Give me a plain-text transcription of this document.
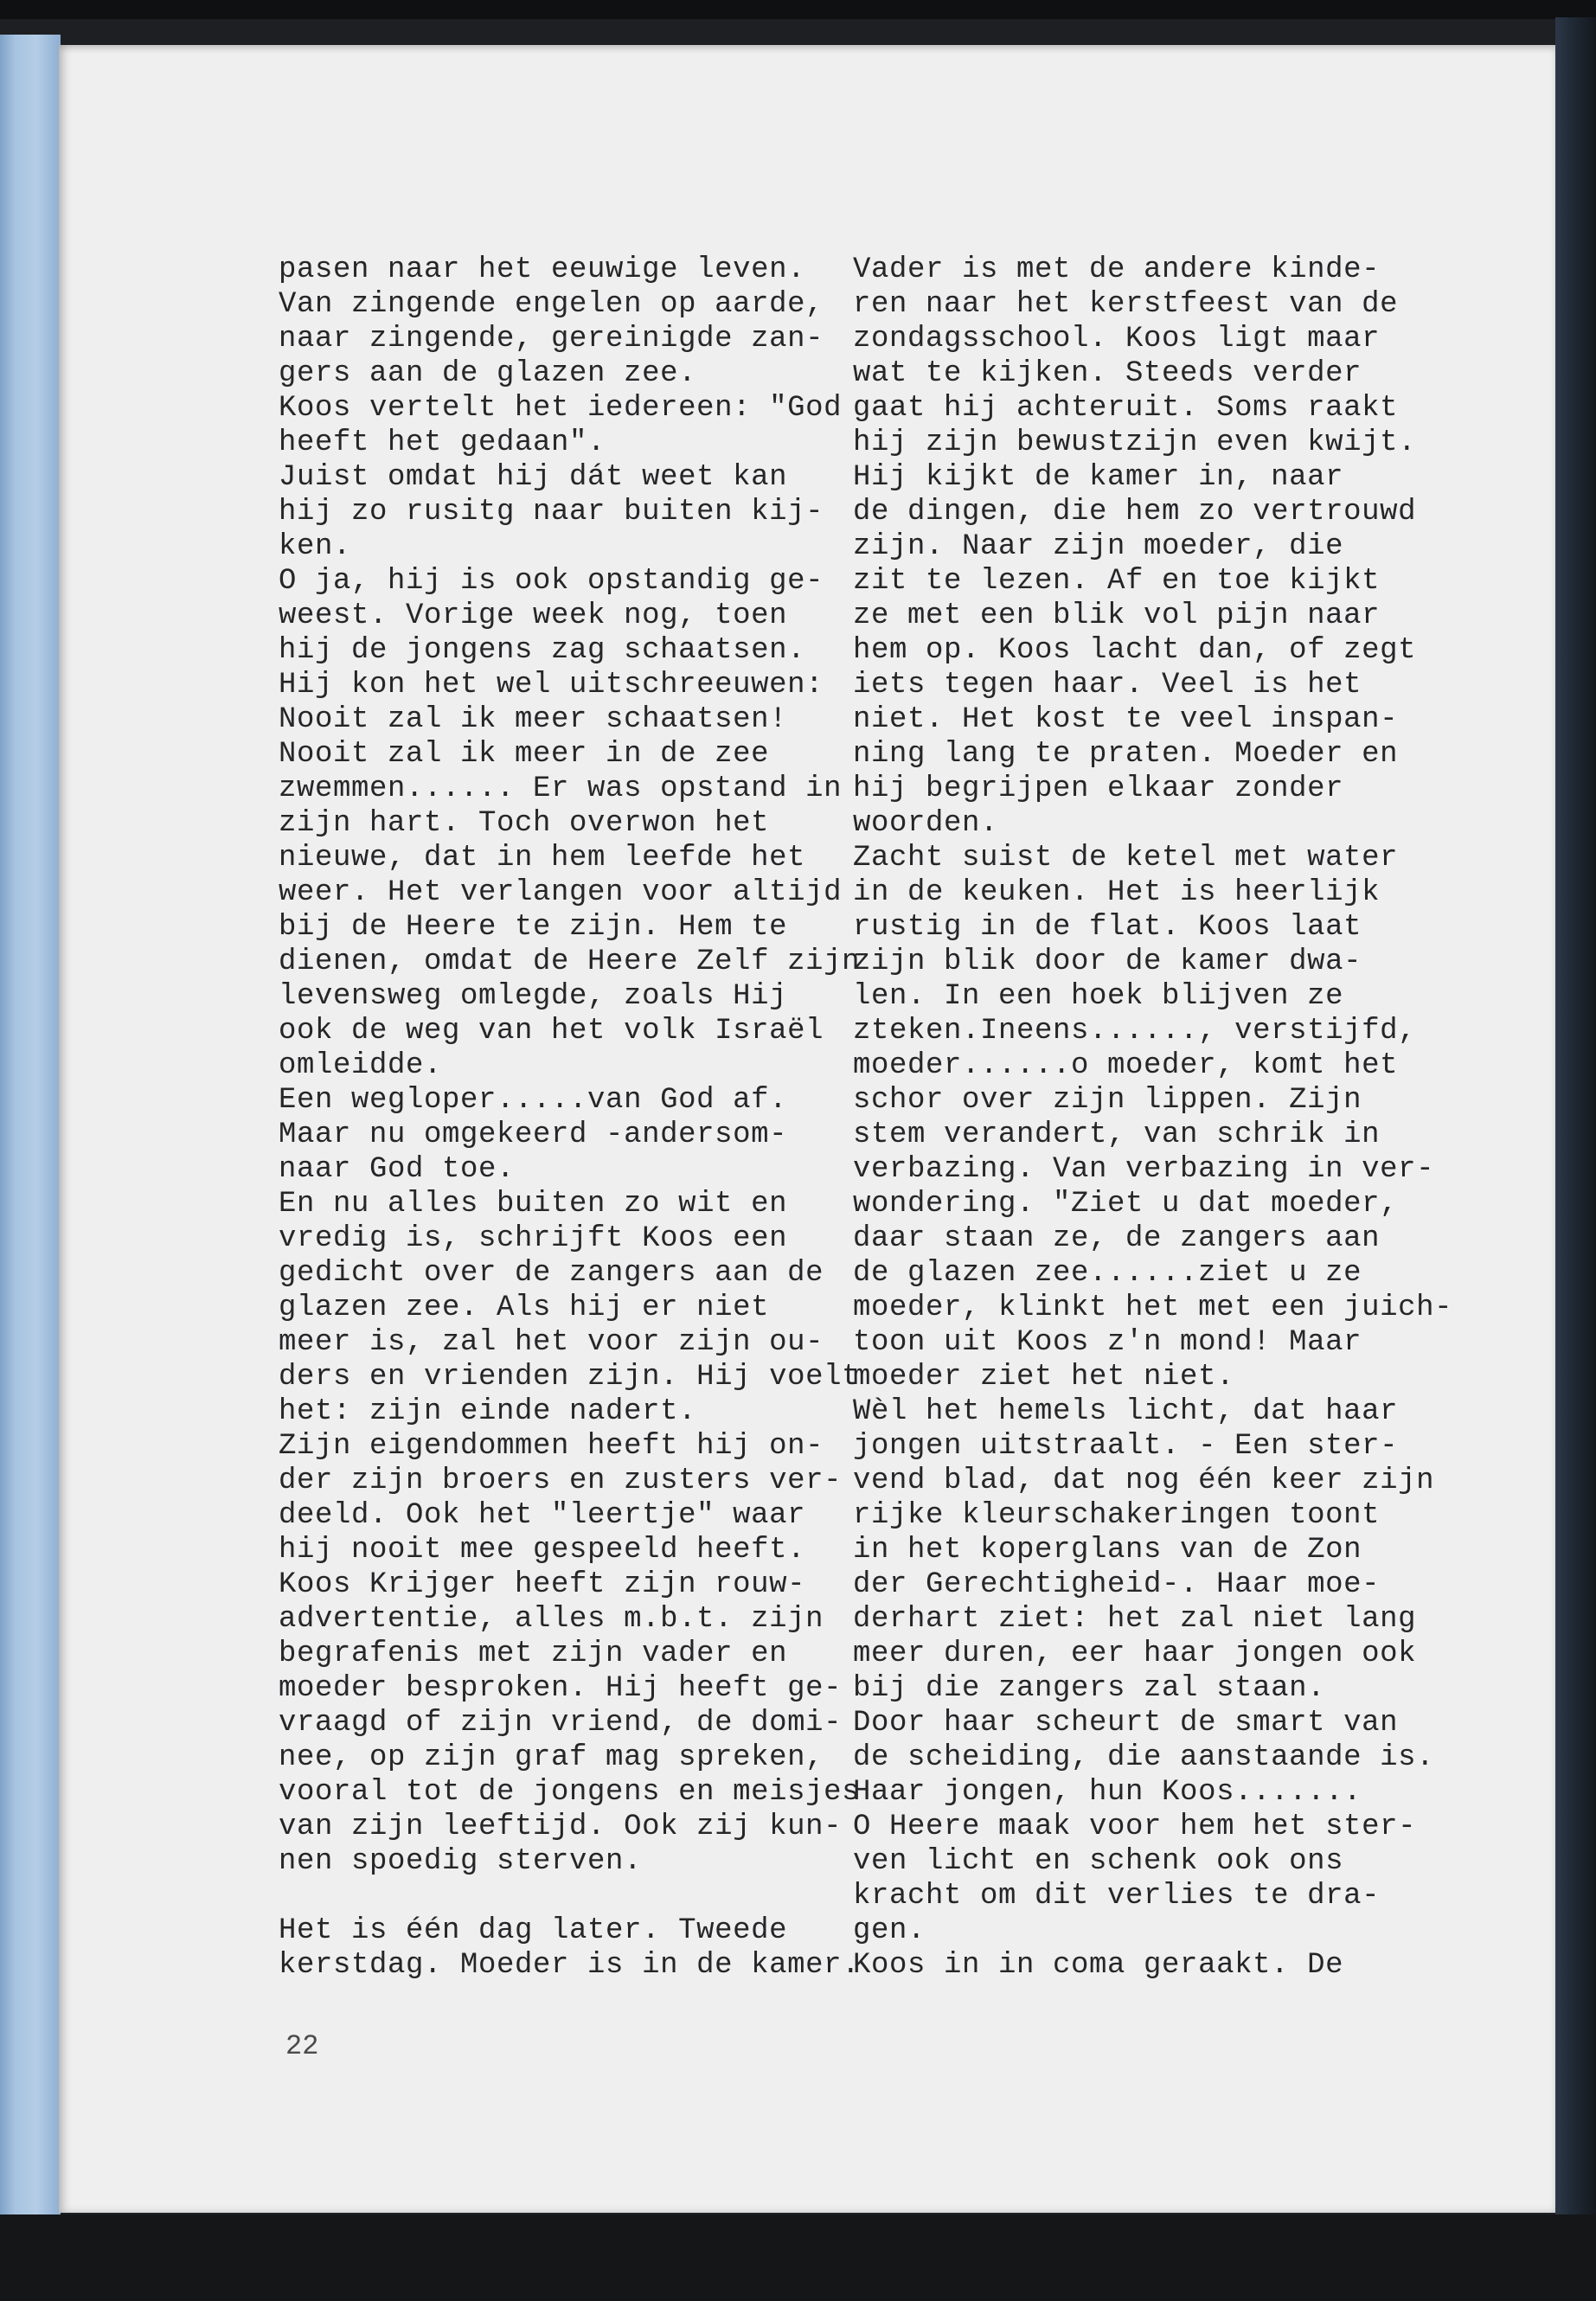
pasen naar het eeuwige leven.
Van zingende engelen op aarde,
naar zingende, gereinigde zan-
gers aan de glazen zee.
Koos vertelt het iedereen: "God
heeft het gedaan".
Juist omdat hij dát weet kan
hij zo rusitg naar buiten kij-
ken.
O ja, hij is ook opstandig ge-
weest. Vorige week nog, toen
hij de jongens zag schaatsen.
Hij kon het wel uitschreeuwen:
Nooit zal ik meer schaatsen!
Nooit zal ik meer in de zee
zwemmen...... Er was opstand in
zijn hart. Toch overwon het
nieuwe, dat in hem leefde het
weer. Het verlangen voor altijd
bij de Heere te zijn. Hem te
dienen, omdat de Heere Zelf zijn
levensweg omlegde, zoals Hij
ook de weg van het volk Israël
omleidde.
Een wegloper.....van God af.
Maar nu omgekeerd -andersom-
naar God toe.
En nu alles buiten zo wit en
vredig is, schrijft Koos een
gedicht over de zangers aan de
glazen zee. Als hij er niet
meer is, zal het voor zijn ou-
ders en vrienden zijn. Hij voelt
het: zijn einde nadert.
Zijn eigendommen heeft hij on-
der zijn broers en zusters ver-
deeld. Ook het "leertje" waar
hij nooit mee gespeeld heeft.
Koos Krijger heeft zijn rouw-
advertentie, alles m.b.t. zijn
begrafenis met zijn vader en
moeder besproken. Hij heeft ge-
vraagd of zijn vriend, de domi-
nee, op zijn graf mag spreken,
vooral tot de jongens en meisjes
van zijn leeftijd. Ook zij kun-
nen spoedig sterven.
Het is één dag later. Tweede
kerstdag. Moeder is in de kamer.
Vader is met de andere kinde-
ren naar het kerstfeest van de
zondagsschool. Koos ligt maar
wat te kijken. Steeds verder
gaat hij achteruit. Soms raakt
hij zijn bewustzijn even kwijt.
Hij kijkt de kamer in, naar
de dingen, die hem zo vertrouwd
zijn. Naar zijn moeder, die
zit te lezen. Af en toe kijkt
ze met een blik vol pijn naar
hem op. Koos lacht dan, of zegt
iets tegen haar. Veel is het
niet. Het kost te veel inspan-
ning lang te praten. Moeder en
hij begrijpen elkaar zonder
woorden.
Zacht suist de ketel met water
in de keuken. Het is heerlijk
rustig in de flat. Koos laat
zijn blik door de kamer dwa-
len. In een hoek blijven ze
zteken.Ineens......, verstijfd,
moeder......o moeder, komt het
schor over zijn lippen. Zijn
stem verandert, van schrik in
verbazing. Van verbazing in ver-
wondering. "Ziet u dat moeder,
daar staan ze, de zangers aan
de glazen zee......ziet u ze
moeder, klinkt het met een juich-
toon uit Koos z'n mond! Maar
moeder ziet het niet.
Wèl het hemels licht, dat haar
jongen uitstraalt. - Een ster-
vend blad, dat nog één keer zijn
rijke kleurschakeringen toont
in het koperglans van de Zon
der Gerechtigheid-. Haar moe-
derhart ziet: het zal niet lang
meer duren, eer haar jongen ook
bij die zangers zal staan.
Door haar scheurt de smart van
de scheiding, die aanstaande is.
Haar jongen, hun Koos.......
O Heere maak voor hem het ster-
ven licht en schenk ook ons
kracht om dit verlies te dra-
gen.
Koos in in coma geraakt. De
22
